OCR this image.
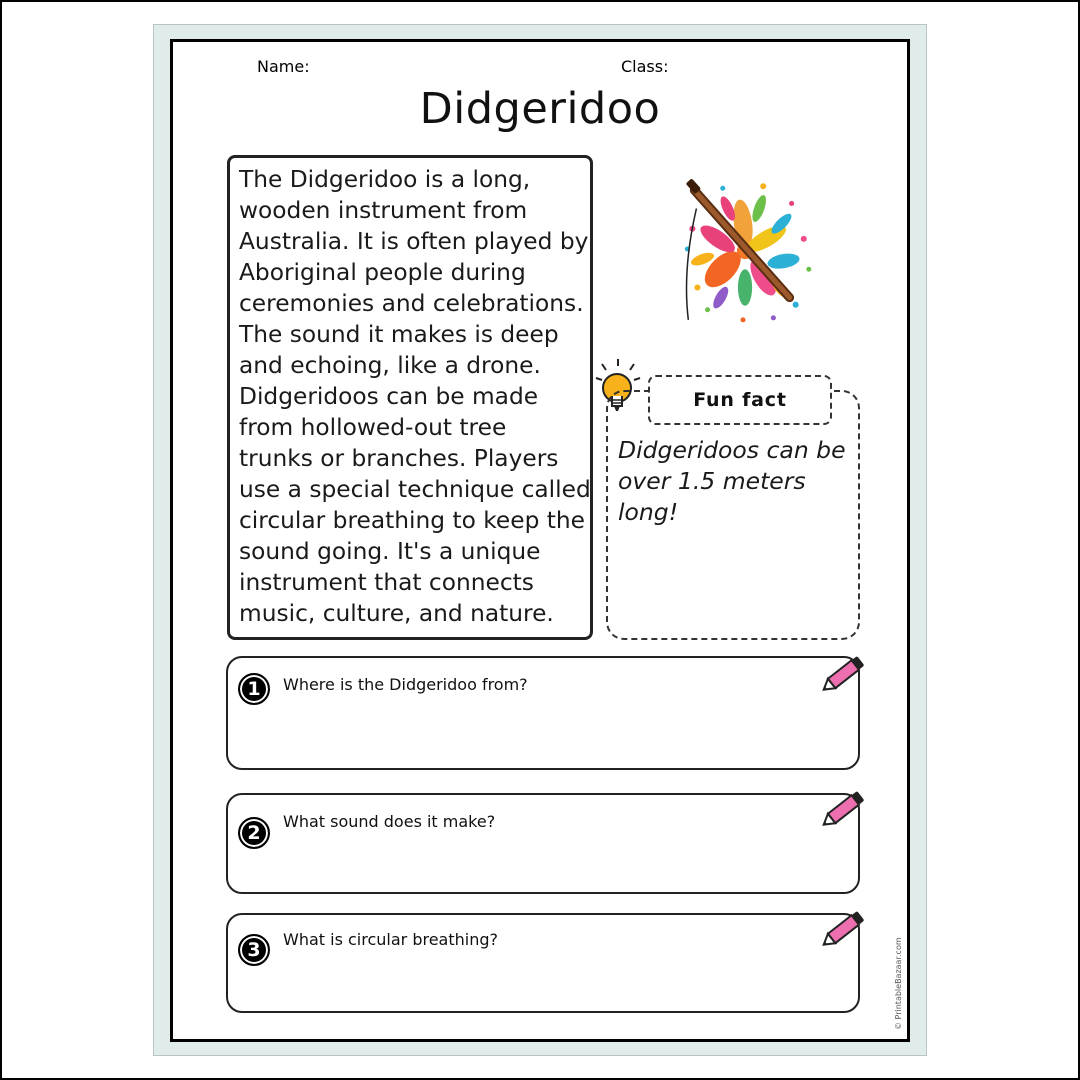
Name:	Class:
Didgeridoo
The Didgeridoo is a long,
wooden instrument from
Australia. It is often played by
Aboriginal people during
ceremonies and celebrations.
The sound it makes is deep
and echoing, like a drone.
Didgeridoos can be made
from hollowed-out tree
trunks or branches. Players
use a special technique called
circular breathing to keep the
sound going. It's a unique
instrument that connects
music, culture, and nature.
Fun fact
Didgeridoos can be
over 1.5 meters
long!
1	Where is the Didgeridoo from?
2
What sound does it make?
3	What is circular breathing?	© PrintableBazaar.com
